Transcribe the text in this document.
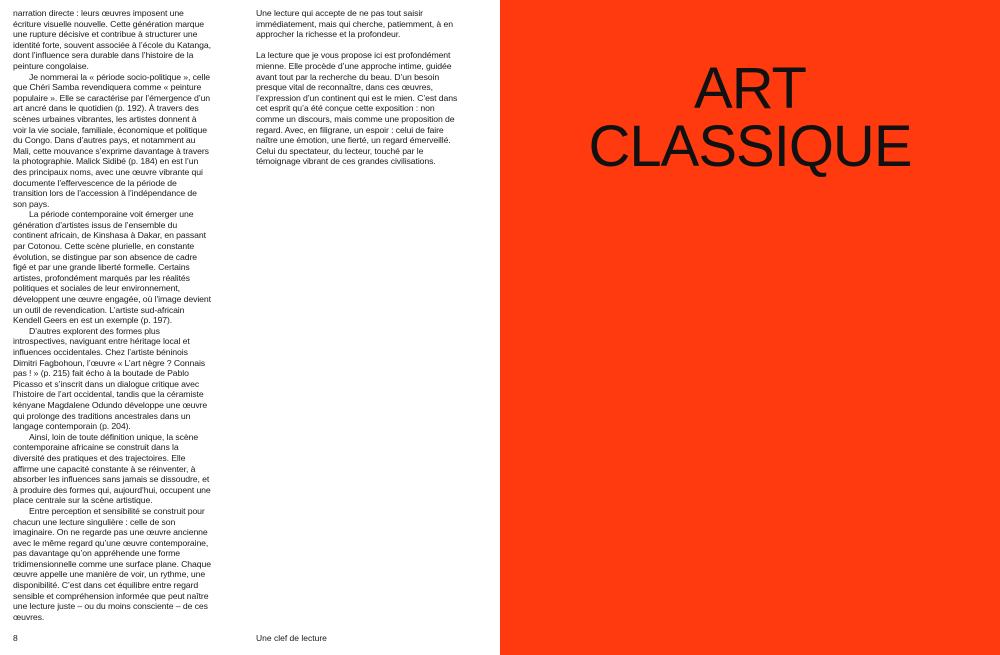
narration directe : leurs œuvres imposent une écriture visuelle nouvelle. Cette génération marque une rupture décisive et contribue à structurer une identité forte, souvent associée à l’école du Katanga, dont l’influence sera durable dans l’histoire de la peinture congolaise.

Je nommerai la « période socio-politique », celle que Chéri Samba revendiquera comme « peinture populaire ». Elle se caractérise par l’émergence d’un art ancré dans le quotidien (p. 192). À travers des scènes urbaines vibrantes, les artistes donnent à voir la vie sociale, familiale, économique et politique du Congo. Dans d’autres pays, et notamment au Mali, cette mouvance s’exprime davantage à travers la photographie. Malick Sidibé (p. 184) en est l’un des principaux noms, avec une œuvre vibrante qui documente l’effervescence de la période de transition lors de l’accession à l’indépendance de son pays.

La période contemporaine voit émerger une génération d’artistes issus de l’ensemble du continent africain, de Kinshasa à Dakar, en passant par Cotonou. Cette scène plurielle, en constante évolution, se distingue par son absence de cadre figé et par une grande liberté formelle. Certains artistes, profondément marqués par les réalités politiques et sociales de leur environnement, développent une œuvre engagée, où l’image devient un outil de revendication. L’artiste sud-africain Kendell Geers en est un exemple (p. 197).

D’autres explorent des formes plus introspectives, naviguant entre héritage local et influences occidentales. Chez l’artiste béninois Dimitri Fagbohoun, l’œuvre « L’art nègre ? Connais pas ! » (p. 215) fait écho à la boutade de Pablo Picasso et s’inscrit dans un dialogue critique avec l’histoire de l’art occidental, tandis que la céramiste kényane Magdalene Odundo développe une œuvre qui prolonge des traditions ancestrales dans un langage contemporain (p. 204).

Ainsi, loin de toute définition unique, la scène contemporaine africaine se construit dans la diversité des pratiques et des trajectoires. Elle affirme une capacité constante à se réinventer, à absorber les influences sans jamais se dissoudre, et à produire des formes qui, aujourd’hui, occupent une place centrale sur la scène artistique.

Entre perception et sensibilité se construit pour chacun une lecture singulière : celle de son imaginaire. On ne regarde pas une œuvre ancienne avec le même regard qu’une œuvre contemporaine, pas davantage qu’on appréhende une forme tridimensionnelle comme une surface plane. Chaque œuvre appelle une manière de voir, un rythme, une disponibilité. C’est dans cet équilibre entre regard sensible et compréhension informée que peut naître une lecture juste – ou du moins consciente – de ces œuvres.

Une lecture qui accepte de ne pas tout saisir immédiatement, mais qui cherche, patiemment, à en approcher la richesse et la profondeur.

La lecture que je vous propose ici est profondément mienne. Elle procède d’une approche intime, guidée avant tout par la recherche du beau. D’un besoin presque vital de reconnaître, dans ces œuvres, l’expression d’un continent qui est le mien. C’est dans cet esprit qu’a été conçue cette exposition : non comme un discours, mais comme une proposition de regard. Avec, en filigrane, un espoir : celui de faire naître une émotion, une fierté, un regard émerveillé. Celui du spectateur, du lecteur, touché par le témoignage vibrant de ces grandes civilisations.

8	Une clef de lecture
ART
CLASSIQUE
